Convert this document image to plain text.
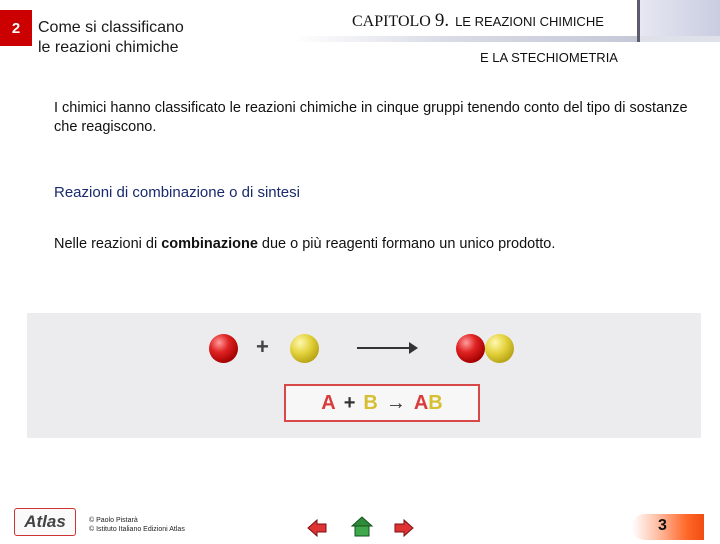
2	Come si classificano
le reazioni chimiche
CAPITOLO 9. LE REAZIONI CHIMICHE
E LA STECHIOMETRIA
I chimici hanno classificato le reazioni chimiche in cinque gruppi tenendo conto del tipo di sostanze che reagiscono.
Reazioni di combinazione o di sintesi
Nelle reazioni di combinazione due o più reagenti formano un unico prodotto.
+
A + B → AB
Atlas	© Paolo Pistarà
© Istituto Italiano Edizioni Atlas	3
